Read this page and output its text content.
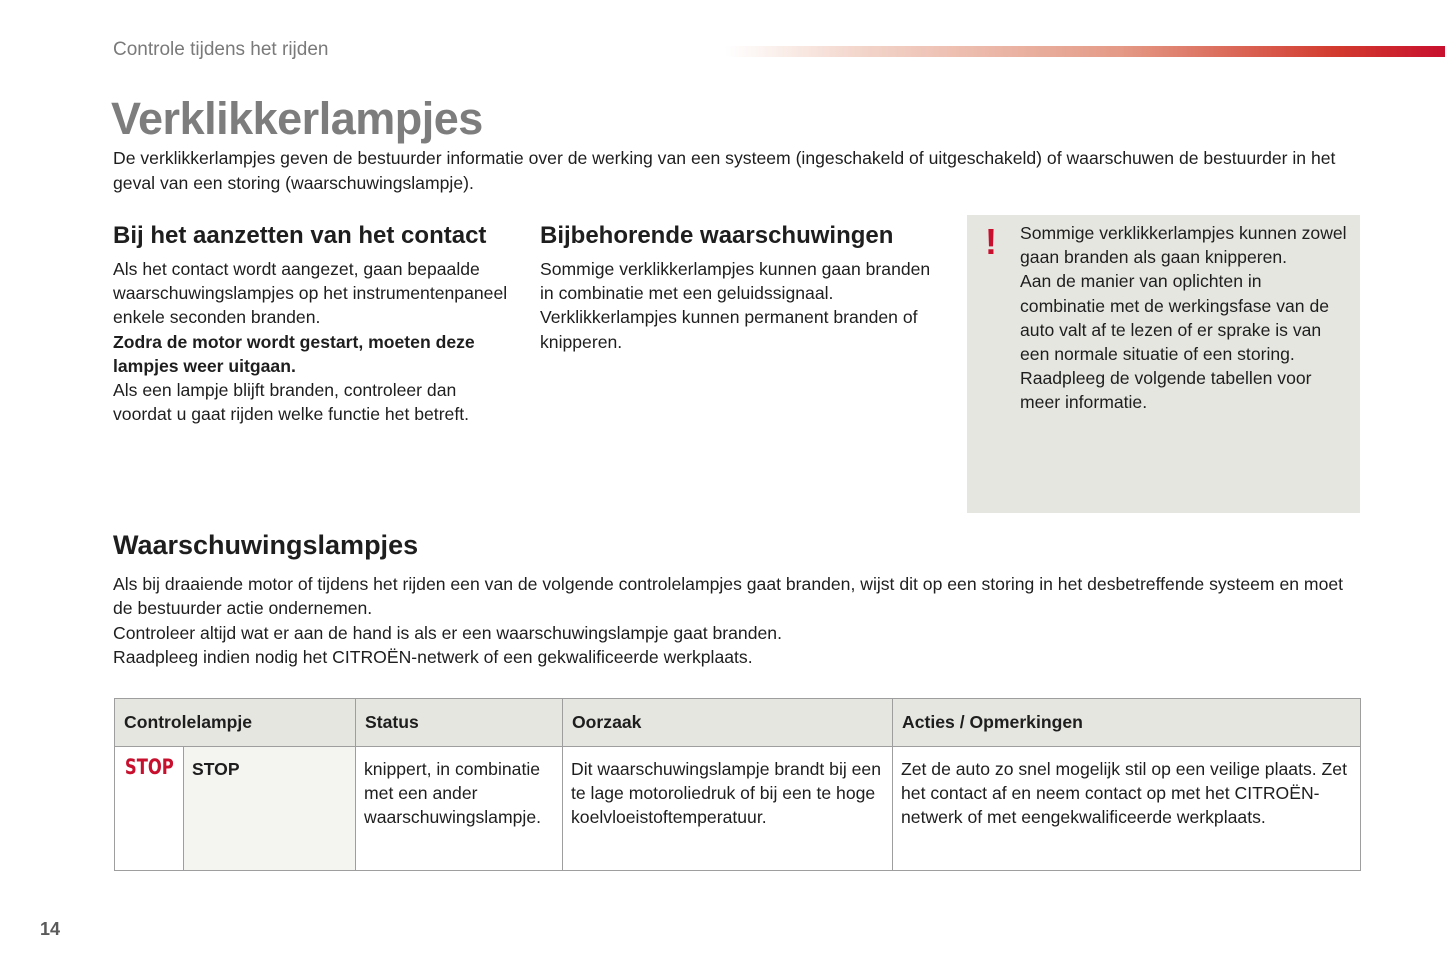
Controle tijdens het rijden
Verklikkerlampjes

De verklikkerlampjes geven de bestuurder informatie over de werking van een systeem (ingeschakeld of uitgeschakeld) of waarschuwen de bestuurder in het geval van een storing (waarschuwingslampje).

Bij het aanzetten van het contact
Als het contact wordt aangezet, gaan bepaalde waarschuwingslampjes op het instrumentenpaneel enkele seconden branden.
Zodra de motor wordt gestart, moeten deze lampjes weer uitgaan.
Als een lampje blijft branden, controleer dan voordat u gaat rijden welke functie het betreft.
Bijbehorende waarschuwingen
Sommige verklikkerlampjes kunnen gaan branden in combinatie met een geluidssignaal.
Verklikkerlampjes kunnen permanent branden of knipperen.
! Sommige verklikkerlampjes kunnen zowel gaan branden als gaan knipperen.
Aan de manier van oplichten in combinatie met de werkingsfase van de auto valt af te lezen of er sprake is van een normale situatie of een storing.
Raadpleeg de volgende tabellen voor meer informatie.
Waarschuwingslampjes
Als bij draaiende motor of tijdens het rijden een van de volgende controlelampjes gaat branden, wijst dit op een storing in het desbetreffende systeem en moet de bestuurder actie ondernemen.
Controleer altijd wat er aan de hand is als er een waarschuwingslampje gaat branden.
Raadpleeg indien nodig het CITROËN-netwerk of een gekwalificeerde werkplaats.
Controlelampje		Status	Oorzaak	Acties / Opmerkingen
STOP	STOP	knippert, in combinatie met een ander waarschuwingslampje.	Dit waarschuwingslampje brandt bij een te lage motoroliedruk of bij een te hoge koelvloeistoftemperatuur.	Zet de auto zo snel mogelijk stil op een veilige plaats. Zet het contact af en neem contact op met het CITROËN-netwerk of met eengekwalificeerde werkplaats.
14
